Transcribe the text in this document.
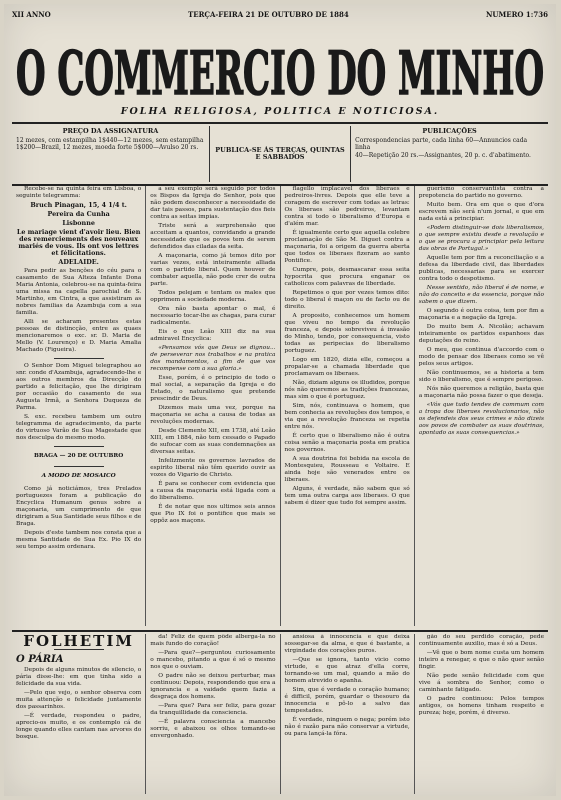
XII ANNO	TERÇA-FEIRA 21 DE OUTUBRO DE 1884	NUMERO 1:736
O COMMERCIO DO MINHO
FOLHA RELIGIOSA, POLITICA E NOTICIOSA.
PREÇO DA ASSIGNATURA
12 mezes, com estampilha 1$440—12 mezes, sem estampilha
1$200—Brazil, 12 mezes, moeda forte 5$000—Avulso 20 rs.	PUBLICA-SE ÁS TERÇAS, QUINTAS E SABBADOS
PUBLICAÇÕES
Correspondencias parte, cada linha 60—Annuncios cada linha
40—Repetição 20 rs.—Assignantes, 20 p. c. d'abatimento.

Recebe-se na quinta feira em Lisboa, o seguinte telegramma:

Bruch Pinagan, 15, 4 1/4 t.

Pereira da Cunha

Lisbonne

Le mariage vient d'avoir lieu. Bien des remerciements des nouveaux mariés de vous. Ils ont vos lettres et félicitations.

ADELAIDE.

Para pedir as benções do céu para o casamento de Sua Alteza Infante Dona Maria Antonia, celebrou-se na quinta-feira uma missa na capella parochial de S. Martinho, em Cintra, a que assistiram as nobres familias da Azambuja com a sua familia.

Alli se acharam presentes estas pessoas de distincção, entre as quaes mencionaremos o exc. sr. D. Maria de Mello (V. Lourenço) e D. Maria Amalia Machado (Figueira).

O Senhor Dom Miguel telegraphou ao snr. conde d'Azambuja, agradecendo-lhe e aos outros membros da Direcção do partido a felicitação, que lhe dirigiram por occasião do casamento de sua Augusta Irmã, a Senhora Duqueza de Parma.

S. exc. recebeu tambem um outro telegramma de agradecimento, da parte do virtuoso Varão de Sua Magestade que nos desculpa do mesmo modo.

BRAGA — 20 DE OUTUBRO

A MODO DE MOSAICO

Como já noticiámos, tres Prelados portuguezes foram a publicação do Encyclica Humanum genus sobre a maçonaria, um cumprimento de que dirigiram a Sua Santidade seus filhos e de Braga.

Depois d'este tambem nos consta que a mesma Santidade de Sua Ex. Pio IX do seu tempo assim ordenara.

a seu exemplo será seguido por todos os Bispos da Igreja do Senhor, pois que não podem desconhecer a necessidade de dar tais passos, para sustentação dos fieis contra as seitas impias.

Triste será a surprehensão que acceitam a quantos, convidando a grande necessidade que os povos tem de serem defendidos das ciladas da seita.

A maçonaria, como já temos dito por varias vezes, está inteiramente alliada com o partido liberal. Quem houver de combater aquella, não pode crer de outra parte.

Todos pelejam e tentam os males que opprimem a sociedade moderna.

Ora não basta apontar o mal, é necessario tocar-lhe as chagas, para curar radicalmente.

Eis o que Leão XIII diz na sua admiravel Encyclica:

«Pensamos vós que Deus se dignou... de perseverar nos trabalhos e na pratica dos mandamentos, a fim de que vos recompense com a sua gloria.»

Esse, porém, é o principio de todo o mal social, a separação da Igreja e do Estado, o naturalismo que pretende prescindir de Deus.

Dizemos mais uma vez, porque na maçonaria se acha a causa de todas as revoluções modernas.

Desde Clemente XII, em 1738, até Leão XIII, em 1884, não tem cessado o Papado de sufocar com as suas condemnações as diversas seitas.

Infelizmente os governos lavrados de espirito liberal não têm querido ouvir as vozes do Vigario de Christo.

É para se conhecer com evidencia que a causa da maçonaria está ligada com a do liberalismo.

É de notar que nos ultimos seis annos que Pio IX foi o pontifice que mais se oppôz aos maçons.

flagello implacavel dos liberaes e pedreiros-livres. Depois que elle teve a coragem de escrever com todas as letras: Os liberaes são pedreiros, levantam contra si todo o liberalismo d'Europa e d'além mar.

É igualmente certo que aquella celebre proclamação de São M. Diguet contra a maçonaria, foi a origem da guerra aberta que todos os liberaes fizeram ao santo Pontifice.

Cumpre, pois, desmascarar essa seita hypocrita que procura enganar os catholicos com palavras de liberdade.

Repetimos o que por vezes temos dito: todo o liberal é maçon ou de facto ou de direito.

A proposito, conhecemos um homem que viveu no tempo da revolução franceza, e depois sobreviveu á invasão do Minho, tendo, por consequencia, visto todas as peripecias do liberalismo portuguez.

Logo em 1820, dizia elle, começou a propalar-se a chamada liberdade que proclamavam os liberaes.

Não, diziam alguns os illudidos, porque nós não queremos as tradições francezas, mas sim o que é portuguez.

Sim, nós, continuava o homem, que bem conhecia as revoluções dos tempos, e via que a revolução franceza se repetia entre nós.

É certo que o liberalismo não é outra coisa senão a maçonaria posta em pratica nos governos.

A sua doutrina foi bebida na escola de Montesquieu, Rousseau e Voltaire. E ainda hoje são venerados entre os liberaes.

Alguns, é verdade, não sabem que só tem uma outra carga aos liberaes. O que sabem é dizer que tudo foi sempre assim.

guerismo conservantista contra a prepotencia do partido no governo.

Muito bem. Ora em que o que d'ora escrevem não será n'um jornal, e que em nada está a principiar.

«Podem distinguir-se dois liberalismos, o que sempre existiu desde a revolução e o que se procura a principiar pela leitura das obras de Portugal.»

Aquelle tem por fim a reconciliação e a defesa da liberdade civil, das liberdades publicas, necessarias para se exercer contra todo o despotismo.

Nesse sentido, não liberal é de nome, e não do conceito e da essencia, porque não sabem o que dizem.

O segundo é outra coisa, tem por fim a maçonaria e a negação da Igreja.

Do muito bem A. Nicolão; achavam inteiramente os partidos espanhoes das deputações do reino.

O meu, que continua d'accordo com o modo de pensar dos liberaes como se vê pelos seus artigos.

Não continuemos, se a historia a tem sido o liberalismo, que é sempre perigoso.

Nós não queremos a religião, basta que a maçonaria não possa fazer o que deseja.

«Vós que tudo tendes de commum com a tropa dos liberaes revolucionarios, não os defendeis dos seus crimes e não dizeis aos povos de combater as suas doutrinas, apontado as suas consequencias.»

FOLHETIM
O PÁRIA

Depois de alguns minutos de silencio, o pária disse-lhe: em que tinha sido a felicidade da sua vida.

—Pelo que vejo, o senhor observa com muita attenção e felicidade juntamente dos passarinhos.

—É verdade, respondeu o padre, aprecio-os muito, e os contemplo cá de longe quando elles cantam nas arvores do bosque.

da! Feliz de quem pôde alberga-la no mais fundo do coração!

—Para que?—perguntou curiosamente o mancebo, pitando a que é só o mesmo nos que o ouviam.

O padre não se deixou perturbar, mas continuou: Depois, respondendo que era a ignorancia e a vaidade quem fazia a desgraça dos homens.

—Para que? Para ser feliz, para gozar da tranquillidade da consciencia.

—É palavra consciencia a mancebo sorriu, e abaixou os olhos tomando-se envergonhado.

ansiosa à innocencia e que deixa sossegar-se da alma, e que é bastante, a virgindade dos corações puros.

—Que se ignora, tanto vicio como virtude, e que atraz d'ella corre, tornando-se um mal, quando a mão do homem atrevido o apanha.

Sim, que é verdade o coração humano; é difficil, porém, guardar o thesouro da innocencia e pô-lo a salvo das tempestades.

É verdade, ninguem o nega; porém isto não é razão para não conservar a virtude, ou para lançá-la fóra.

gão do seu perdido coração, pede continuamente auxilio, mas é só a Deus.

—Vê que o bom nome custa um homem inteiro a renegar, e que o não quer senão fingir.

Não pede senão felicidade com que vive á sombra do Senhor, como o caminhante fatigado.

O padre continuou: Pelos tempos antigos, os homens tinham respeito e pureza; hoje, porém, é diverso.
